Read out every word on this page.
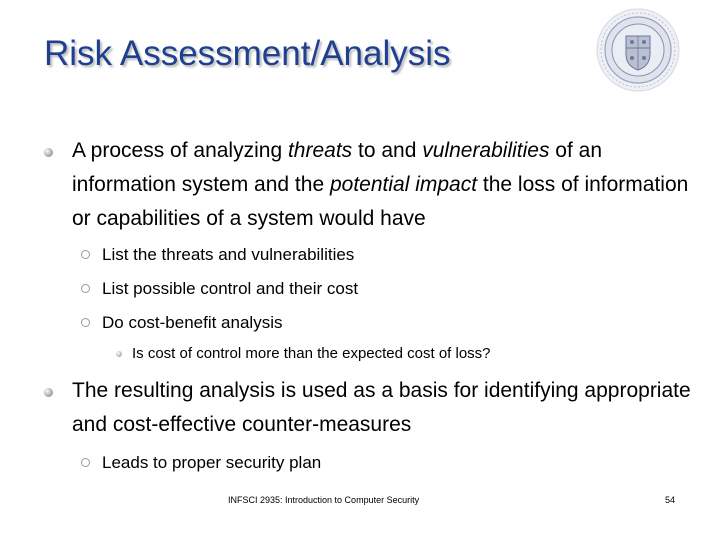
Risk Assessment/Analysis
A process of analyzing threats to and vulnerabilities of an information system and the potential impact the loss of information or capabilities of a system would have
List the threats and vulnerabilities
List possible control and their cost
Do cost-benefit analysis
Is cost of control more than the expected cost of loss?
The resulting analysis is used as a basis for identifying appropriate and cost-effective counter-measures
Leads to proper security plan
INFSCI 2935: Introduction to Computer Security	54
